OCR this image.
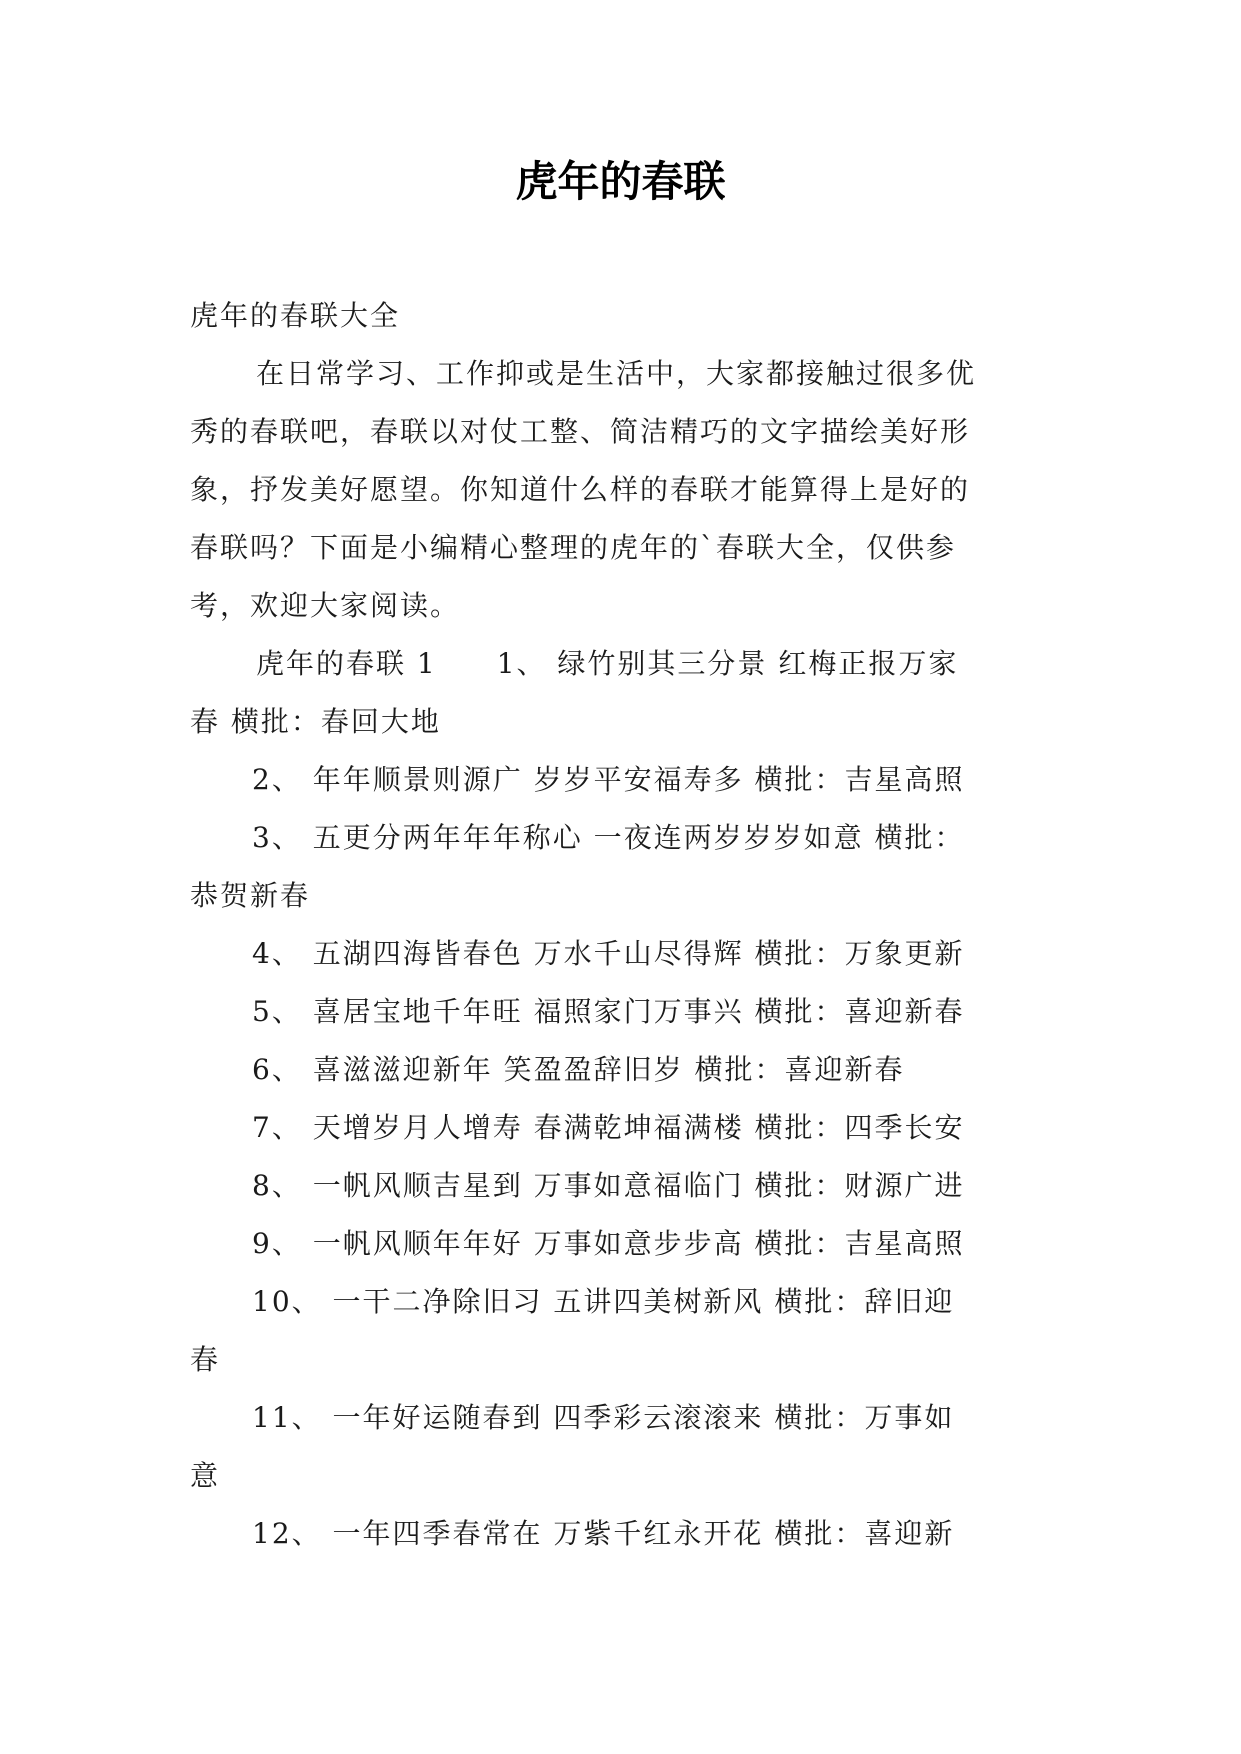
虎年的春联
虎年的春联大全
在日常学习、工作抑或是生活中，大家都接触过很多优
秀的春联吧，春联以对仗工整、简洁精巧的文字描绘美好形
象，抒发美好愿望。你知道什么样的春联才能算得上是好的
春联吗？下面是小编精心整理的虎年的`春联大全，仅供参
考，欢迎大家阅读。
虎年的春联 1　　1、 绿竹别其三分景 红梅正报万家
春 横批：春回大地
2、 年年顺景则源广 岁岁平安福寿多 横批：吉星高照
3、 五更分两年年年称心 一夜连两岁岁岁如意 横批：
恭贺新春
4、 五湖四海皆春色 万水千山尽得辉 横批：万象更新
5、 喜居宝地千年旺 福照家门万事兴 横批：喜迎新春
6、 喜滋滋迎新年 笑盈盈辞旧岁 横批：喜迎新春
7、 天增岁月人增寿 春满乾坤福满楼 横批：四季长安
8、 一帆风顺吉星到 万事如意福临门 横批：财源广进
9、 一帆风顺年年好 万事如意步步高 横批：吉星高照
10、 一干二净除旧习 五讲四美树新风 横批：辞旧迎
春
11、 一年好运随春到 四季彩云滚滚来 横批：万事如
意
12、 一年四季春常在 万紫千红永开花 横批：喜迎新
